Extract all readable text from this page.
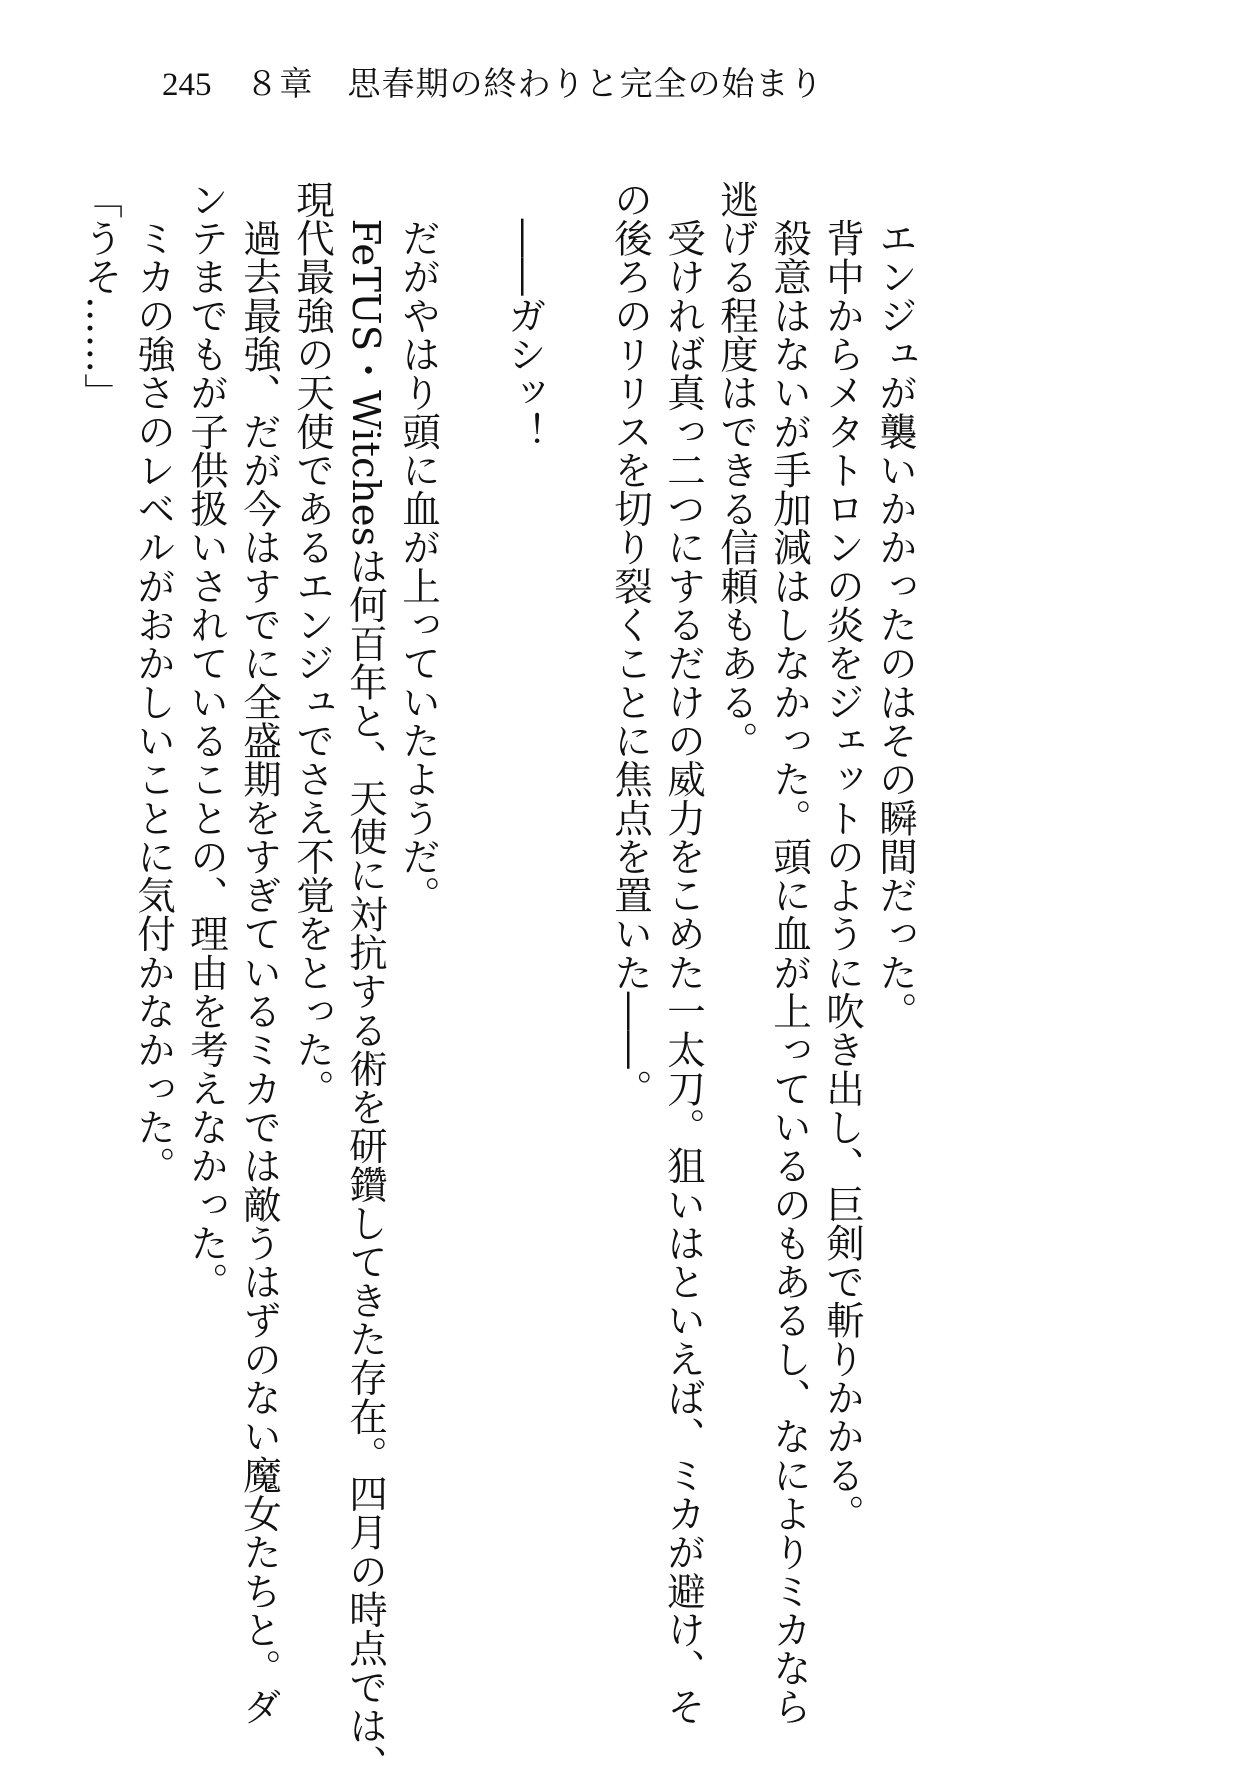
245 ８章　思春期の終わりと完全の始まり
　エンジュが襲いかかったのはその瞬間だった。
　背中からメタトロンの炎をジェットのように吹き出し、巨剣で斬りかかる。
　殺意はないが手加減はしなかった。頭に血が上っているのもあるし、なによりミカなら
逃げる程度はできる信頼もある。
　受ければ真っ二つにするだけの威力をこめた一太刀。狙いはといえば、ミカが避け、そ
の後ろのリリスを切り裂くことに焦点を置いた――。
　――ガシッ！
　だがやはり頭に血が上っていたようだ。
　FeTUS・Witchesは何百年と、天使に対抗する術を研鑽してきた存在。四月の時点では、
現代最強の天使であるエンジュでさえ不覚をとった。
　過去最強、だが今はすでに全盛期をすぎているミカでは敵うはずのない魔女たちと。ダ
ンテまでもが子供扱いされていることの、理由を考えなかった。
　ミカの強さのレベルがおかしいことに気付かなかった。
「うそ……」
